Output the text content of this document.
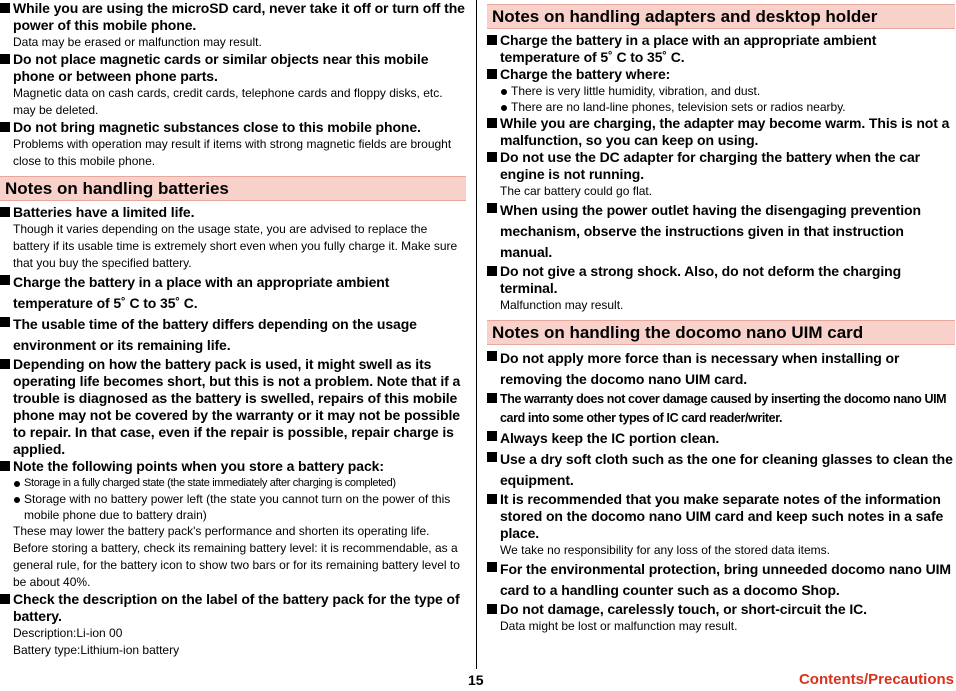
While you are using the microSD card, never take it off or turn off the power of this mobile phone.
Data may be erased or malfunction may result.
Do not place magnetic cards or similar objects near this mobile phone or between phone parts.
Magnetic data on cash cards, credit cards, telephone cards and floppy disks, etc. may be deleted.
Do not bring magnetic substances close to this mobile phone.
Problems with operation may result if items with strong magnetic fields are brought close to this mobile phone.
Notes on handling batteries
Batteries have a limited life.
Though it varies depending on the usage state, you are advised to replace the battery if its usable time is extremely short even when you fully charge it. Make sure that you buy the specified battery.
Charge the battery in a place with an appropriate ambient temperature of 5˚ C to 35˚ C.
The usable time of the battery differs depending on the usage environment or its remaining life.
Depending on how the battery pack is used, it might swell as its operating life becomes short, but this is not a problem. Note that if a trouble is diagnosed as the battery is swelled, repairs of this mobile phone may not be covered by the warranty or it may not be possible to repair. In that case, even if the repair is possible, repair charge is applied.
Note the following points when you store a battery pack:
Storage in a fully charged state (the state immediately after charging is completed)
Storage with no battery power left (the state you cannot turn on the power of this mobile phone due to battery drain)
These may lower the battery pack's performance and shorten its operating life. Before storing a battery, check its remaining battery level: it is recommendable, as a general rule, for the battery icon to show two bars or for its remaining battery level to be about 40%.
Check the description on the label of the battery pack for the type of battery.
Description:Li-ion 00
Battery type:Lithium-ion battery
Notes on handling adapters and desktop holder
Charge the battery in a place with an appropriate ambient temperature of 5˚ C to 35˚ C.
Charge the battery where:
There is very little humidity, vibration, and dust.
There are no land-line phones, television sets or radios nearby.
While you are charging, the adapter may become warm. This is not a malfunction, so you can keep on using.
Do not use the DC adapter for charging the battery when the car engine is not running.
The car battery could go flat.
When using the power outlet having the disengaging prevention mechanism, observe the instructions given in that instruction manual.
Do not give a strong shock. Also, do not deform the charging terminal.
Malfunction may result.
Notes on handling the docomo nano UIM card
Do not apply more force than is necessary when installing or removing the docomo nano UIM card.
The warranty does not cover damage caused by inserting the docomo nano UIM card into some other types of IC card reader/writer.
Always keep the IC portion clean.
Use a dry soft cloth such as the one for cleaning glasses to clean the equipment.
It is recommended that you make separate notes of the information stored on the docomo nano UIM card and keep such notes in a safe place.
We take no responsibility for any loss of the stored data items.
For the environmental protection, bring unneeded docomo nano UIM card to a handling counter such as a docomo Shop.
Do not damage, carelessly touch, or short-circuit the IC.
Data might be lost or malfunction may result.
15	Contents/Precautions
